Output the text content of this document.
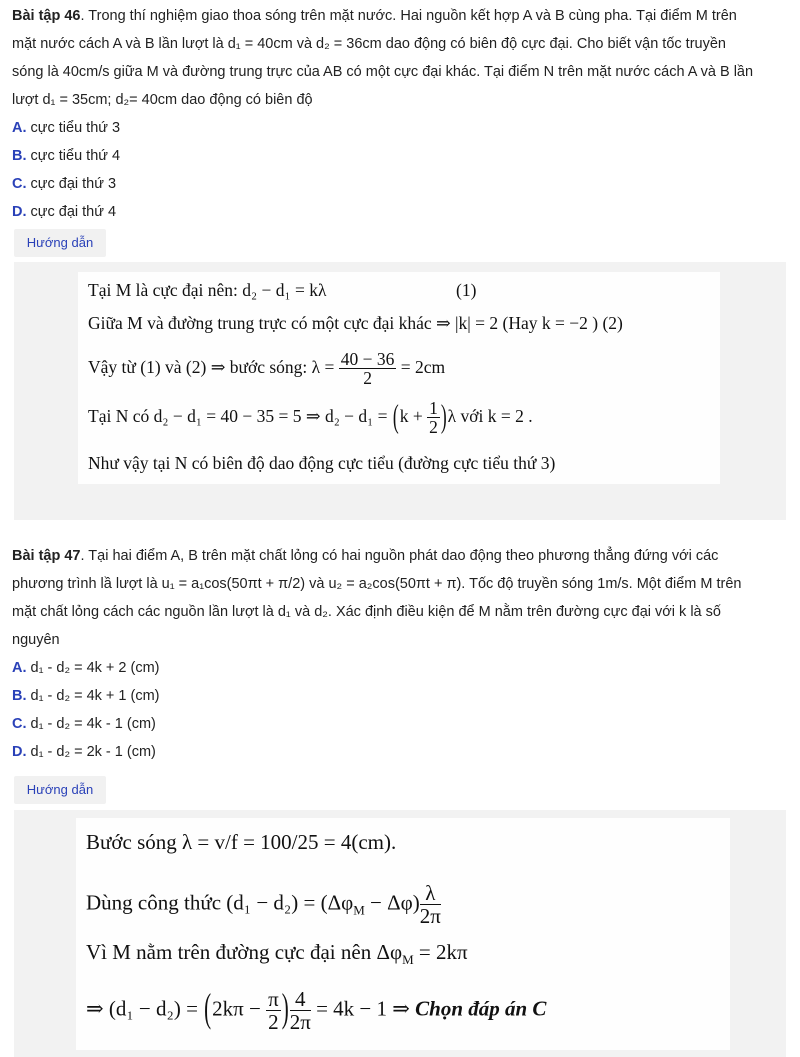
Bài tập 46. Trong thí nghiệm giao thoa sóng trên mặt nước. Hai nguồn kết hợp A và B cùng pha. Tại điểm M trên

mặt nước cách A và B lần lượt là d₁ = 40cm và d₂ = 36cm dao động có biên độ cực đại. Cho biết vận tốc truyền

sóng là 40cm/s giữa M và đường trung trực của AB có một cực đại khác. Tại điểm N trên mặt nước cách A và B lần

lượt d₁ = 35cm; d₂= 40cm dao động có biên độ

A. cực tiểu thứ 3

B. cực tiểu thứ 4

C. cực đại thứ 3

D. cực đại thứ 4

Hướng dẫn
Tại M là cực đại nên: d₂ − d₁ = kλ	(1)
Giữa M và đường trung trực có một cực đại khác ⇒ |k| = 2 (Hay k = −2 ) (2)
Vậy từ (1) và (2) ⇒ bước sóng: $\lambda = \frac{40 - 36}{2} = 2cm$
Tại N có d₂ − d₁ = 40 − 35 = 5 ⇒ $d_2 - d_1 = (k + \frac{1}{2} )\lambda$ với k = 2 .
Như vậy tại N có biên độ dao động cực tiểu (đường cực tiểu thứ 3)

Bài tập 47. Tại hai điểm A, B trên mặt chất lỏng có hai nguồn phát dao động theo phương thẳng đứng với các

phương trình lầ lượt là u₁ = a₁cos(50πt + π/2) và u₂ = a₂cos(50πt + π). Tốc độ truyền sóng 1m/s. Một điểm M trên

mặt chất lỏng cách các nguồn lần lượt là d₁ và d₂. Xác định điều kiện để M nằm trên đường cực đại với k là số

nguyên

A. d₁ - d₂ = 4k + 2 (cm)

B. d₁ - d₂ = 4k + 1 (cm)

C. d₁ - d₂ = 4k - 1 (cm)

D. d₁ - d₂ = 2k - 1 (cm)

Hướng dẫn
Bước sóng λ = v/f = 100/25 = 4(cm).
Dùng công thức $(d_1 - d_2) = (\Delta\varphi_M - \Delta\varphi) \frac{\lambda}{2\pi}$
Vì M nằm trên đường cực đại nên $\Delta\varphi_M = 2k\pi$
⇒ $(d_1 - d_2) = (2k\pi - \frac{\pi}{2}$ ) $\frac{4}{2\pi} = 4k - 1$ ⇒ Chọn đáp án C
